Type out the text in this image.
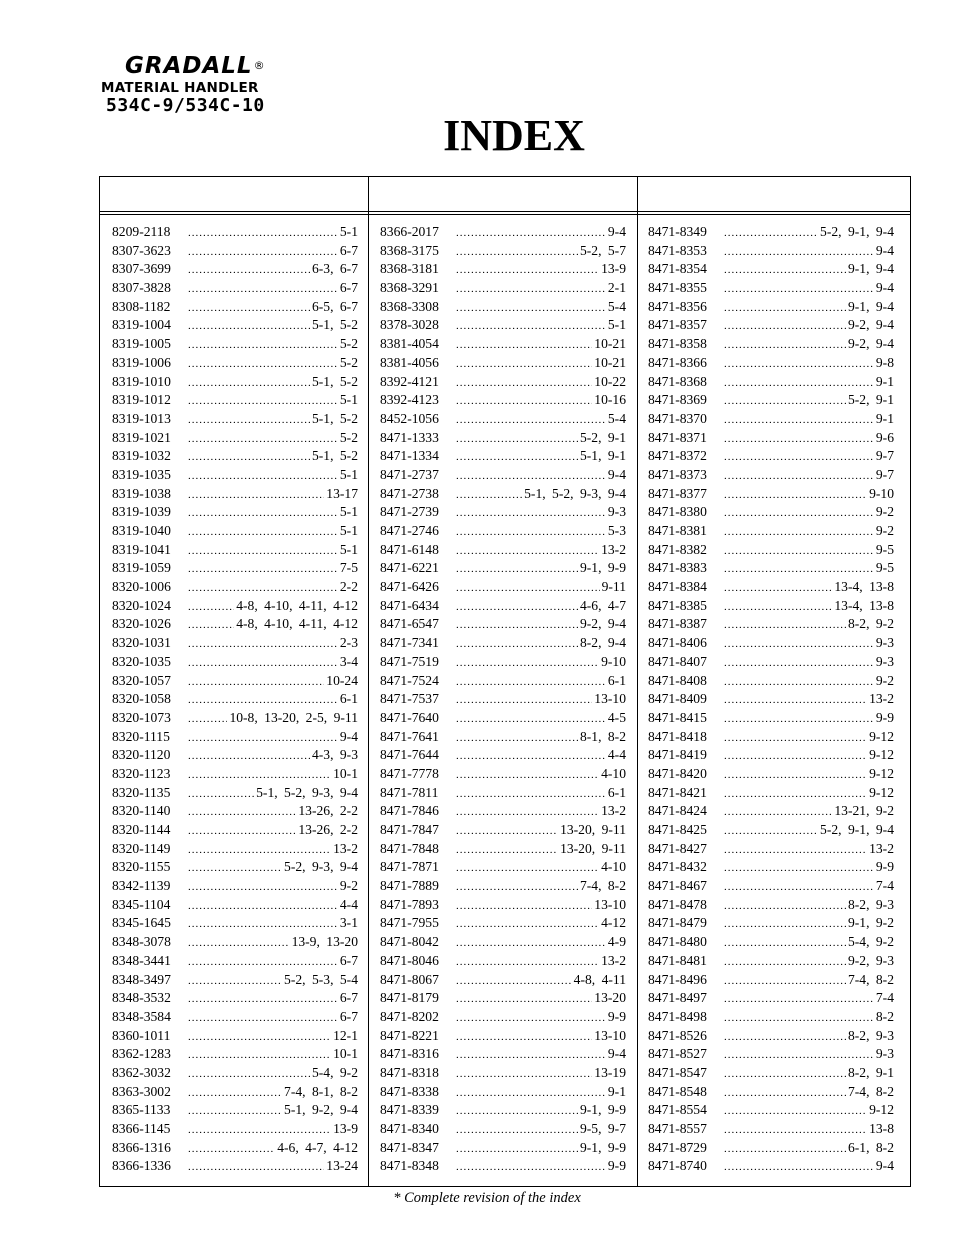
GRADALL®
MATERIAL HANDLER
534C-9/534C-10
INDEX
8209-2118 .....	5-1
8307-3623 .....	6-7
8307-3699 .....	6-3, 6-7
8307-3828 .....	6-7
8308-1182 .....	6-5, 6-7
8319-1004 .....	5-1, 5-2
8319-1005 .....	5-2
8319-1006 .....	5-2
8319-1010 .....	5-1, 5-2
8319-1012 .....	5-1
8319-1013 .....	5-1, 5-2
8319-1021 .....	5-2
8319-1032 .....	5-1, 5-2
8319-1035 .....	5-1
8319-1038 .....	13-17
8319-1039 .....	5-1
8319-1040 .....	5-1
8319-1041 .....	5-1
8319-1059 .....	7-5
8320-1006 .....	2-2
8320-1024 .....	4-8, 4-10, 4-11, 4-12
8320-1026 .....	4-8, 4-10, 4-11, 4-12
8320-1031 .....	2-3
8320-1035 .....	3-4
8320-1057 .....	10-24
8320-1058 .....	6-1
8320-1073 .....	10-8, 13-20, 2-5, 9-11
8320-1115 .....	9-4
8320-1120 .....	4-3, 9-3
8320-1123 .....	10-1
8320-1135 .....	5-1, 5-2, 9-3, 9-4
8320-1140 .....	13-26, 2-2
8320-1144 .....	13-26, 2-2
8320-1149 .....	13-2
8320-1155 .....	5-2, 9-3, 9-4
8342-1139 .....	9-2
8345-1104 .....	4-4
8345-1645 .....	3-1
8348-3078 .....	13-9, 13-20
8348-3441 .....	6-7
8348-3497 .....	5-2, 5-3, 5-4
8348-3532 .....	6-7
8348-3584 .....	6-7
8360-1011 .....	12-1
8362-1283 .....	10-1
8362-3032 .....	5-4, 9-2
8363-3002 .....	7-4, 8-1, 8-2
8365-1133 .....	5-1, 9-2, 9-4
8366-1145 .....	13-9
8366-1316 .....	4-6, 4-7, 4-12
8366-1336 .....	13-24
8366-2017 .....	9-4
8368-3175 .....	5-2, 5-7
8368-3181 .....	13-9
8368-3291 .....	2-1
8368-3308 .....	5-4
8378-3028 .....	5-1
8381-4054 .....	10-21
8381-4056 .....	10-21
8392-4121 .....	10-22
8392-4123 .....	10-16
8452-1056 .....	5-4
8471-1333 .....	5-2, 9-1
8471-1334 .....	5-1, 9-1
8471-2737 .....	9-4
8471-2738 .....	5-1, 5-2, 9-3, 9-4
8471-2739 .....	9-3
8471-2746 .....	5-3
8471-6148 .....	13-2
8471-6221 .....	9-1, 9-9
8471-6426 .....	9-11
8471-6434 .....	4-6, 4-7
8471-6547 .....	9-2, 9-4
8471-7341 .....	8-2, 9-4
8471-7519 .....	9-10
8471-7524 .....	6-1
8471-7537 .....	13-10
8471-7640 .....	4-5
8471-7641 .....	8-1, 8-2
8471-7644 .....	4-4
8471-7778 .....	4-10
8471-7811 .....	6-1
8471-7846 .....	13-2
8471-7847 .....	13-20, 9-11
8471-7848 .....	13-20, 9-11
8471-7871 .....	4-10
8471-7889 .....	7-4, 8-2
8471-7893 .....	13-10
8471-7955 .....	4-12
8471-8042 .....	4-9
8471-8046 .....	13-2
8471-8067 .....	4-8, 4-11
8471-8179 .....	13-20
8471-8202 .....	9-9
8471-8221 .....	13-10
8471-8316 .....	9-4
8471-8318 .....	13-19
8471-8338 .....	9-1
8471-8339 .....	9-1, 9-9
8471-8340 .....	9-5, 9-7
8471-8347 .....	9-1, 9-9
8471-8348 .....	9-9
8471-8349 .....	5-2, 9-1, 9-4
8471-8353 .....	9-4
8471-8354 .....	9-1, 9-4
8471-8355 .....	9-4
8471-8356 .....	9-1, 9-4
8471-8357 .....	9-2, 9-4
8471-8358 .....	9-2, 9-4
8471-8366 .....	9-8
8471-8368 .....	9-1
8471-8369 .....	5-2, 9-1
8471-8370 .....	9-1
8471-8371 .....	9-6
8471-8372 .....	9-7
8471-8373 .....	9-7
8471-8377 .....	9-10
8471-8380 .....	9-2
8471-8381 .....	9-2
8471-8382 .....	9-5
8471-8383 .....	9-5
8471-8384 .....	13-4, 13-8
8471-8385 .....	13-4, 13-8
8471-8387 .....	8-2, 9-2
8471-8406 .....	9-3
8471-8407 .....	9-3
8471-8408 .....	9-2
8471-8409 .....	13-2
8471-8415 .....	9-9
8471-8418 .....	9-12
8471-8419 .....	9-12
8471-8420 .....	9-12
8471-8421 .....	9-12
8471-8424 .....	13-21, 9-2
8471-8425 .....	5-2, 9-1, 9-4
8471-8427 .....	13-2
8471-8432 .....	9-9
8471-8467 .....	7-4
8471-8478 .....	8-2, 9-3
8471-8479 .....	9-1, 9-2
8471-8480 .....	5-4, 9-2
8471-8481 .....	9-2, 9-3
8471-8496 .....	7-4, 8-2
8471-8497 .....	7-4
8471-8498 .....	8-2
8471-8526 .....	8-2, 9-3
8471-8527 .....	9-3
8471-8547 .....	8-2, 9-1
8471-8548 .....	7-4, 8-2
8471-8554 .....	9-12
8471-8557 .....	13-8
8471-8729 .....	6-1, 8-2
8471-8740 .....	9-4
* Complete revision of the index
